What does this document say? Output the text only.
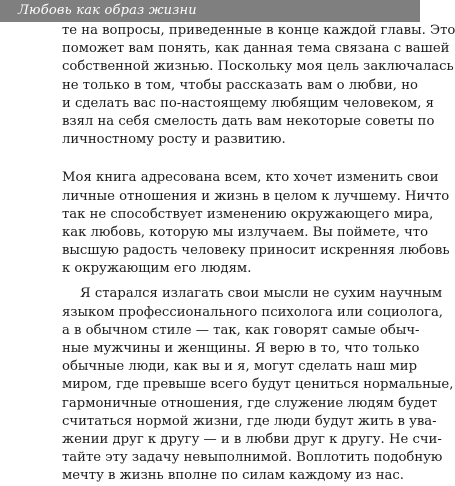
Любовь как образ жизни
те на вопросы, приведенные в конце каждой главы. Это
поможет вам понять, как данная тема связана с вашей
собственной жизнью. Поскольку моя цель заключалась
не только в том, чтобы рассказать вам о любви, но
и сделать вас по-настоящему любящим человеком, я
взял на себя смелость дать вам некоторые советы по
личностному росту и развитию.
Моя книга адресована всем, кто хочет изменить свои
личные отношения и жизнь в целом к лучшему. Ничто
так не способствует изменению окружающего мира,
как любовь, которую мы излучаем. Вы поймете, что
высшую радость человеку приносит искренняя любовь
к окружающим его людям.
Я старался излагать свои мысли не сухим научным
языком профессионального психолога или социолога,
а в обычном стиле — так, как говорят самые обыч-
ные мужчины и женщины. Я верю в то, что только
обычные люди, как вы и я, могут сделать наш мир
миром, где превыше всего будут цениться нормальные,
гармоничные отношения, где служение людям будет
считаться нормой жизни, где люди будут жить в ува-
жении друг к другу — и в любви друг к другу. Не счи-
тайте эту задачу невыполнимой. Воплотить подобную
мечту в жизнь вполне по силам каждому из нас.
